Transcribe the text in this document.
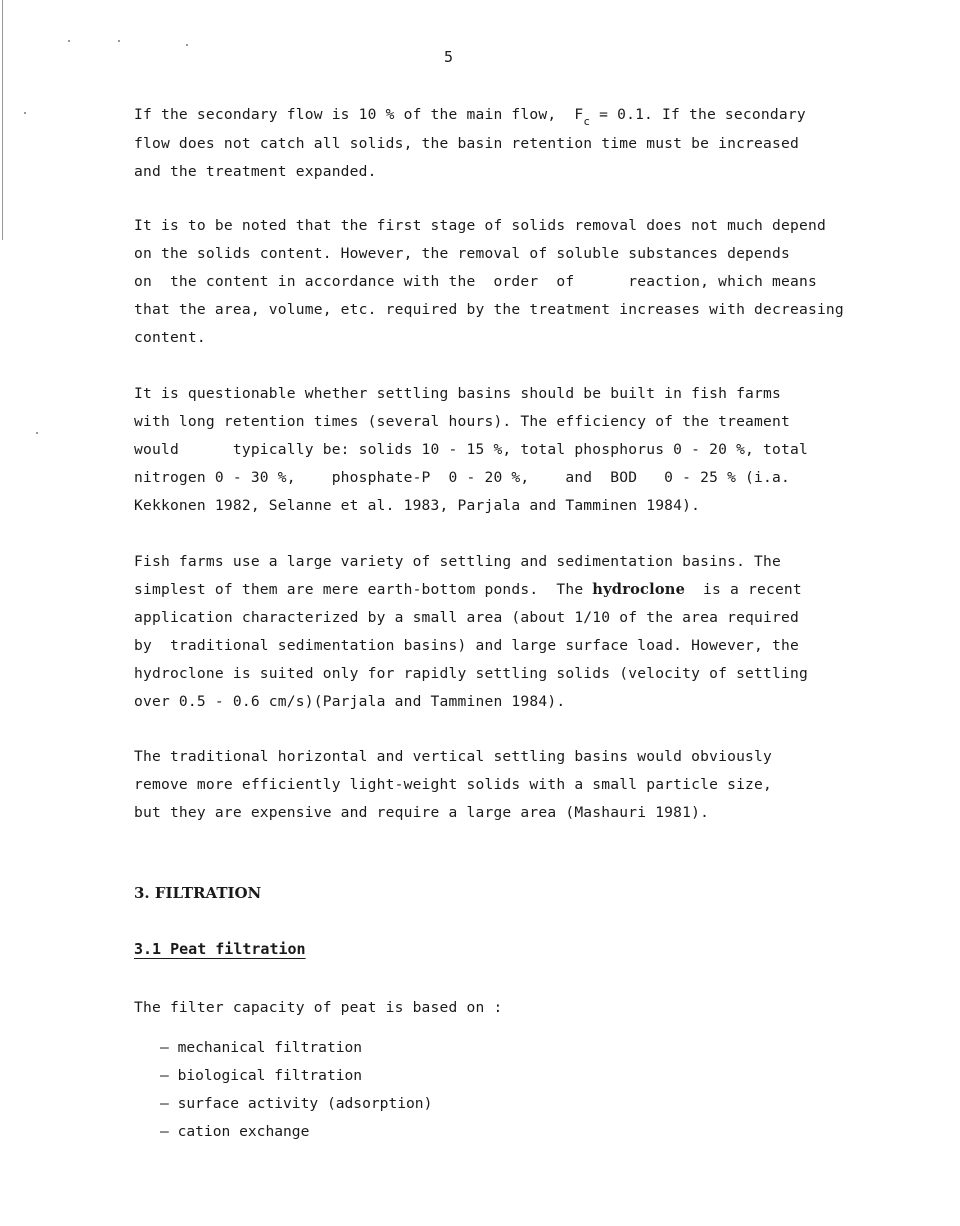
5
If the secondary flow is 10 % of the main flow,  $F_c = 0.1$. If the secondary
flow does not catch all solids, the basin retention time must be increased
and the treatment expanded.
It is to be noted that the first stage of solids removal does not much depend
on the solids content. However, the removal of soluble substances depends
on  the content in accordance with the  order  of      reaction, which means
that the area, volume, etc. required by the treatment increases with decreasing
content.
It is questionable whether settling basins should be built in fish farms
with long retention times (several hours). The efficiency of the treament
would      typically be: solids 10 - 15 %, total phosphorus 0 - 20 %, total
nitrogen 0 - 30 %,    phosphate-P  0 - 20 %,    and  BOD   0 - 25 % (i.a.
Kekkonen 1982, Selanne et al. 1983, Parjala and Tamminen 1984).
Fish farms use a large variety of settling and sedimentation basins. The
simplest of them are mere earth-bottom ponds.  The hydroclone  is a recent
application characterized by a small area (about 1/10 of the area required
by  traditional sedimentation basins) and large surface load. However, the
hydroclone is suited only for rapidly settling solids (velocity of settling
over 0.5 - 0.6 cm/s)(Parjala and Tamminen 1984).
The traditional horizontal and vertical settling basins would obviously
remove more efficiently light-weight solids with a small particle size,
but they are expensive and require a large area (Mashauri 1981).
3. FILTRATION
3.1 Peat filtration
The filter capacity of peat is based on :
– mechanical filtration
– biological filtration
– surface activity (adsorption)
– cation exchange
